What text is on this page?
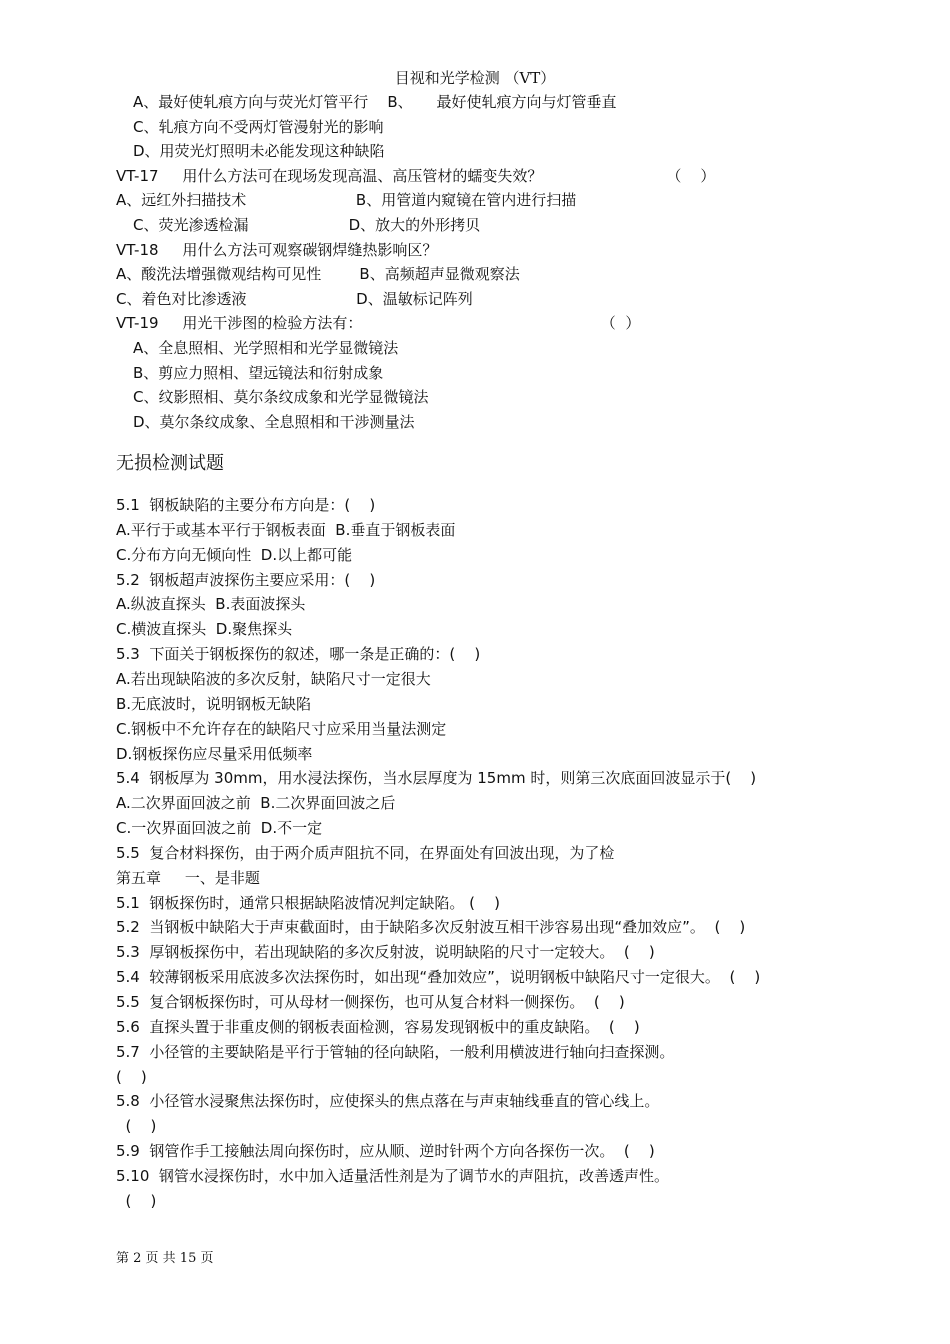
目视和光学检测 （VT）
A、最好使轧痕方向与荧光灯管平行    B、     最好使轧痕方向与灯管垂直
C、轧痕方向不受两灯管漫射光的影响
D、用荧光灯照明未必能发现这种缺陷
VT-17     用什么方法可在现场发现高温、高压管材的蠕变失效？                          （    ）
A、远红外扫描技术                       B、用管道内窥镜在管内进行扫描
C、荧光渗透检漏                     D、放大的外形拷贝
VT-18     用什么方法可观察碳钢焊缝热影响区？
A、酸洗法增强微观结构可见性        B、高频超声显微观察法
C、着色对比渗透液                       D、温敏标记阵列
VT-19     用光干涉图的检验方法有：                                                  （  ）
A、全息照相、光学照相和光学显微镜法
B、剪应力照相、望远镜法和衍射成象
C、纹影照相、莫尔条纹成象和光学显微镜法
D、莫尔条纹成象、全息照相和干涉测量法
无损检测试题
5.1  钢板缺陷的主要分布方向是：(    )
A.平行于或基本平行于钢板表面  B.垂直于钢板表面
C.分布方向无倾向性  D.以上都可能
5.2  钢板超声波探伤主要应采用：(    )
A.纵波直探头  B.表面波探头
C.横波直探头  D.聚焦探头
5.3  下面关于钢板探伤的叙述，哪一条是正确的：(    )
A.若出现缺陷波的多次反射，缺陷尺寸一定很大
B.无底波时，说明钢板无缺陷
C.钢板中不允许存在的缺陷尺寸应采用当量法测定
D.钢板探伤应尽量采用低频率
5.4  钢板厚为 30mm，用水浸法探伤，当水层厚度为 15mm 时，则第三次底面回波显示于(    )
A.二次界面回波之前  B.二次界面回波之后
C.一次界面回波之前  D.不一定
5.5  复合材料探伤，由于两介质声阻抗不同，在界面处有回波出现，为了检
第五章     一、是非题
5.1  钢板探伤时，通常只根据缺陷波情况判定缺陷。 (    )
5.2  当钢板中缺陷大于声束截面时，由于缺陷多次反射波互相干涉容易出现“叠加效应”。  (    )
5.3  厚钢板探伤中，若出现缺陷的多次反射波，说明缺陷的尺寸一定较大。  (    )
5.4  较薄钢板采用底波多次法探伤时，如出现“叠加效应”，说明钢板中缺陷尺寸一定很大。  (    )
5.5  复合钢板探伤时，可从母材一侧探伤，也可从复合材料一侧探伤。  (    )
5.6  直探头置于非重皮侧的钢板表面检测，容易发现钢板中的重皮缺陷。  (    )
5.7  小径管的主要缺陷是平行于管轴的径向缺陷，一般利用横波进行轴向扫查探测。
(    )
5.8  小径管水浸聚焦法探伤时，应使探头的焦点落在与声束轴线垂直的管心线上。
(    )
5.9  钢管作手工接触法周向探伤时，应从顺、逆时针两个方向各探伤一次。  (    )
5.10  钢管水浸探伤时，水中加入适量活性剂是为了调节水的声阻抗，改善透声性。
(    )
第 2 页 共 15 页
